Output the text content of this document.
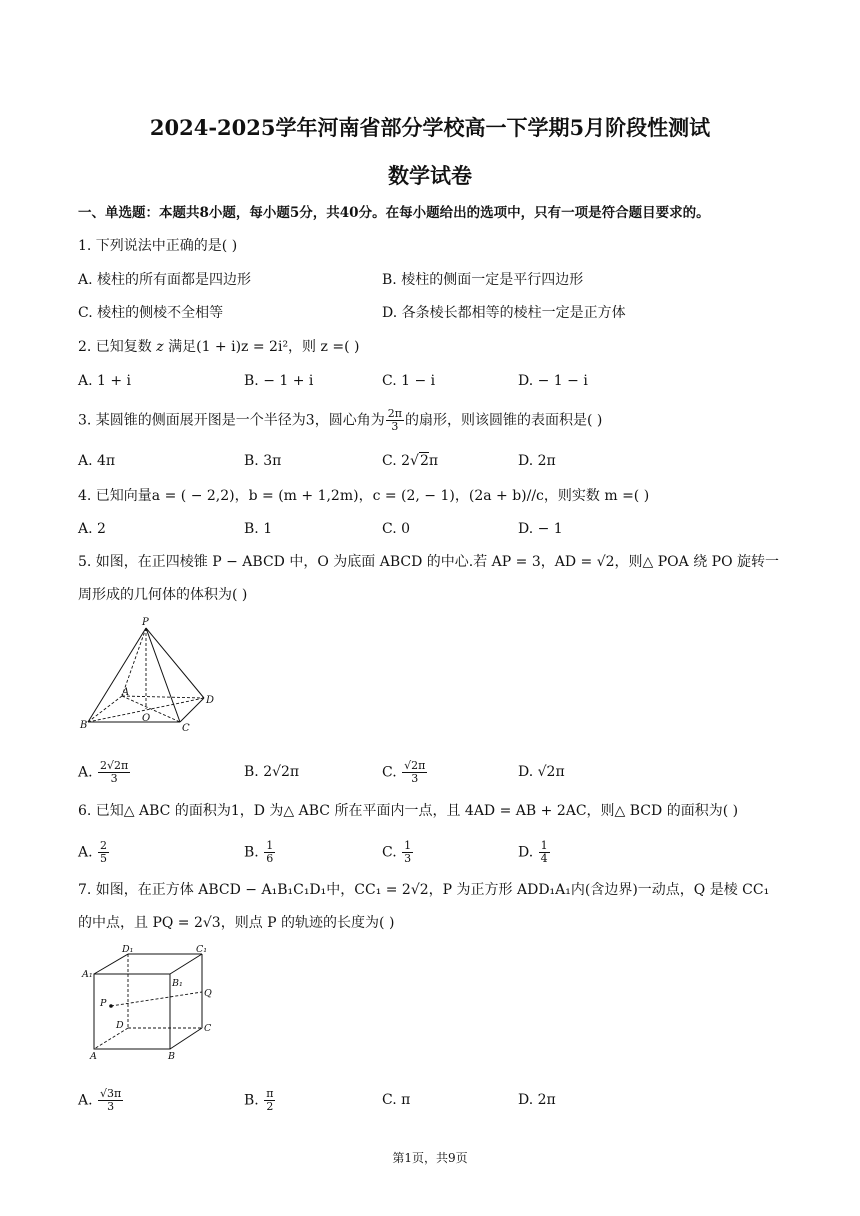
2024-2025学年河南省部分学校高一下学期5月阶段性测试
数学试卷
一、单选题：本题共8小题，每小题5分，共40分。在每小题给出的选项中，只有一项是符合题目要求的。
1. 下列说法中正确的是( )
A. 棱柱的所有面都是四边形	B. 棱柱的侧面一定是平行四边形
C. 棱柱的侧棱不全相等	D. 各条棱长都相等的棱柱一定是正方体
2. 已知复数 z 满足(1 + i)z = 2i²，则 z =( )
A. 1 + i	B. − 1 + i	C. 1 − i	D. − 1 − i
3. 某圆锥的侧面展开图是一个半径为3，圆心角为 $\frac{2\pi}{3}$ 的扇形，则该圆锥的表面积是( )
A. 4π	B. 3π	C. 2√2π	D. 2π
4. 已知向量a = ( − 2,2)，b = (m + 1,2m)，c = (2, − 1)，(2a + b)//c，则实数 m =( )
A. 2	B. 1	C. 0	D. − 1
5. 如图，在正四棱锥 P − ABCD 中，O 为底面 ABCD 的中心.若 AP = 3，AD = √2，则△ POA 绕 PO 旋转一
周形成的几何体的体积为( )
P
A
D
B
O
C
A. $\frac{2√2\pi}{3}$	B. 2√2π	C. $\frac{√2\pi}{3}$	D. √2π
6. 已知△ ABC 的面积为1，D 为△ ABC 所在平面内一点，且 4AD = AB + 2AC，则△ BCD 的面积为( )
A. $\frac{2}{5}$	B. $\frac{1}{6}$	C. $\frac{1}{3}$	D. $\frac{1}{4}$
7. 如图，在正方体 ABCD − A₁B₁C₁D₁中，CC₁ = 2√2，P 为正方形 ADD₁A₁内(含边界)一动点，Q 是棱 CC₁
的中点，且 PQ = 2√3，则点 P 的轨迹的长度为( )
D₁	C₁
A₁
B₁
Q
P
D	C
A	B
A. $\frac{√3\pi}{3}$	B. $\frac{\pi}{2}$	C. π	D. 2π
第1页，共9页
